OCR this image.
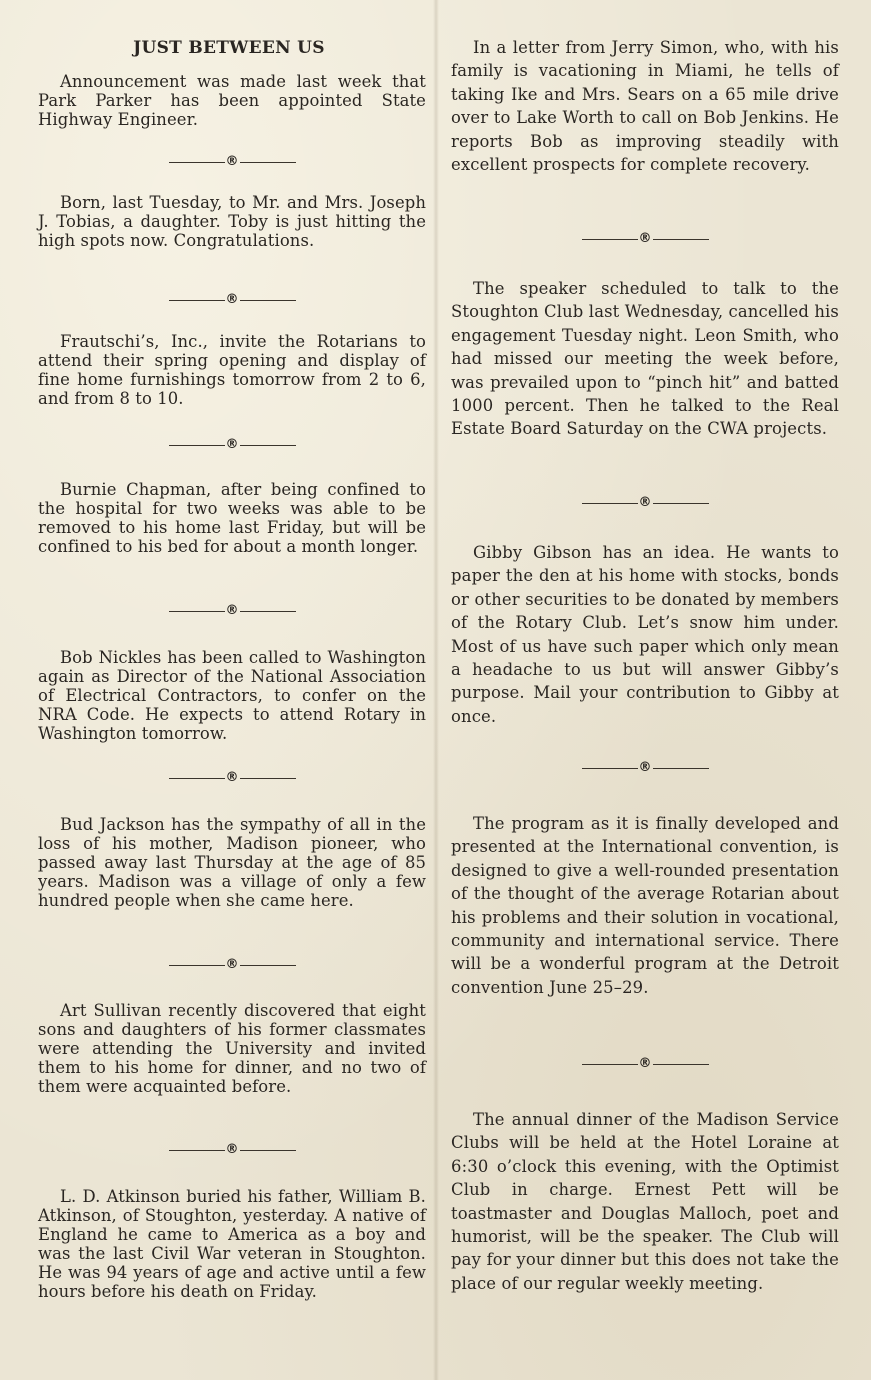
JUST BETWEEN US

Announcement was made last week that Park Parker has been appointed State Highway Engineer.

®

Born, last Tuesday, to Mr. and Mrs. Joseph J. Tobias, a daughter. Toby is just hitting the high spots now. Congratulations.

®

Frautschi’s, Inc., invite the Rotarians to attend their spring opening and display of fine home furnishings tomorrow from 2 to 6, and from 8 to 10.

®

Burnie Chapman, after being confined to the hospital for two weeks was able to be removed to his home last Friday, but will be confined to his bed for about a month longer.

®

Bob Nickles has been called to Washington again as Director of the National Association of Electrical Contractors, to confer on the NRA Code. He expects to attend Rotary in Washington tomorrow.

®

Bud Jackson has the sympathy of all in the loss of his mother, Madison pioneer, who passed away last Thursday at the age of 85 years. Madison was a village of only a few hundred people when she came here.

®

Art Sullivan recently discovered that eight sons and daughters of his former classmates were attending the University and invited them to his home for dinner, and no two of them were acquainted before.

®

L. D. Atkinson buried his father, William B. Atkinson, of Stoughton, yesterday. A native of England he came to America as a boy and was the last Civil War veteran in Stoughton. He was 94 years of age and active until a few hours before his death on Friday.

In a letter from Jerry Simon, who, with his family is vacationing in Miami, he tells of taking Ike and Mrs. Sears on a 65 mile drive over to Lake Worth to call on Bob Jenkins. He reports Bob as improving steadily with excellent prospects for complete recovery.

®

The speaker scheduled to talk to the Stoughton Club last Wednesday, cancelled his engagement Tuesday night. Leon Smith, who had missed our meeting the week before, was prevailed upon to “pinch hit” and batted 1000 percent. Then he talked to the Real Estate Board Saturday on the CWA projects.

®

Gibby Gibson has an idea. He wants to paper the den at his home with stocks, bonds or other securities to be donated by members of the Rotary Club. Let’s snow him under. Most of us have such paper which only mean a headache to us but will answer Gibby’s purpose. Mail your contribution to Gibby at once.

®

The program as it is finally developed and presented at the International convention, is designed to give a well-rounded presentation of the thought of the average Rotarian about his problems and their solution in vocational, community and international service. There will be a wonderful program at the Detroit convention June 25–29.

®

The annual dinner of the Madison Service Clubs will be held at the Hotel Loraine at 6:30 o’clock this evening, with the Optimist Club in charge. Ernest Pett will be toastmaster and Douglas Malloch, poet and humorist, will be the speaker. The Club will pay for your dinner but this does not take the place of our regular weekly meeting.
